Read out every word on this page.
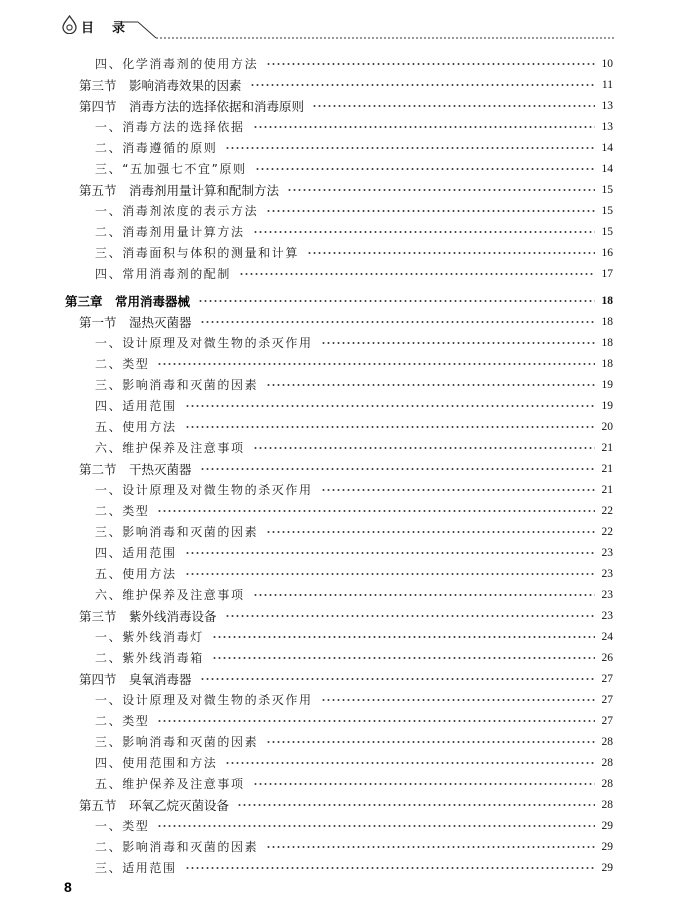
目录
四、化学消毒剂的使用方法	10
第三节　影响消毒效果的因素	11
第四节　消毒方法的选择依据和消毒原则	13
一、消毒方法的选择依据	13
二、消毒遵循的原则	14
三、“五加强七不宜”原则	14
第五节　消毒剂用量计算和配制方法	15
一、消毒剂浓度的表示方法	15
二、消毒剂用量计算方法	15
三、消毒面积与体积的测量和计算	16
四、常用消毒剂的配制	17
第三章　常用消毒器械	18
第一节　湿热灭菌器	18
一、设计原理及对微生物的杀灭作用	18
二、类型	18
三、影响消毒和灭菌的因素	19
四、适用范围	19
五、使用方法	20
六、维护保养及注意事项	21
第二节　干热灭菌器	21
一、设计原理及对微生物的杀灭作用	21
二、类型	22
三、影响消毒和灭菌的因素	22
四、适用范围	23
五、使用方法	23
六、维护保养及注意事项	23
第三节　紫外线消毒设备	23
一、紫外线消毒灯	24
二、紫外线消毒箱	26
第四节　臭氧消毒器	27
一、设计原理及对微生物的杀灭作用	27
二、类型	27
三、影响消毒和灭菌的因素	28
四、使用范围和方法	28
五、维护保养及注意事项	28
第五节　环氧乙烷灭菌设备	28
一、类型	29
二、影响消毒和灭菌的因素	29
三、适用范围	29
8
